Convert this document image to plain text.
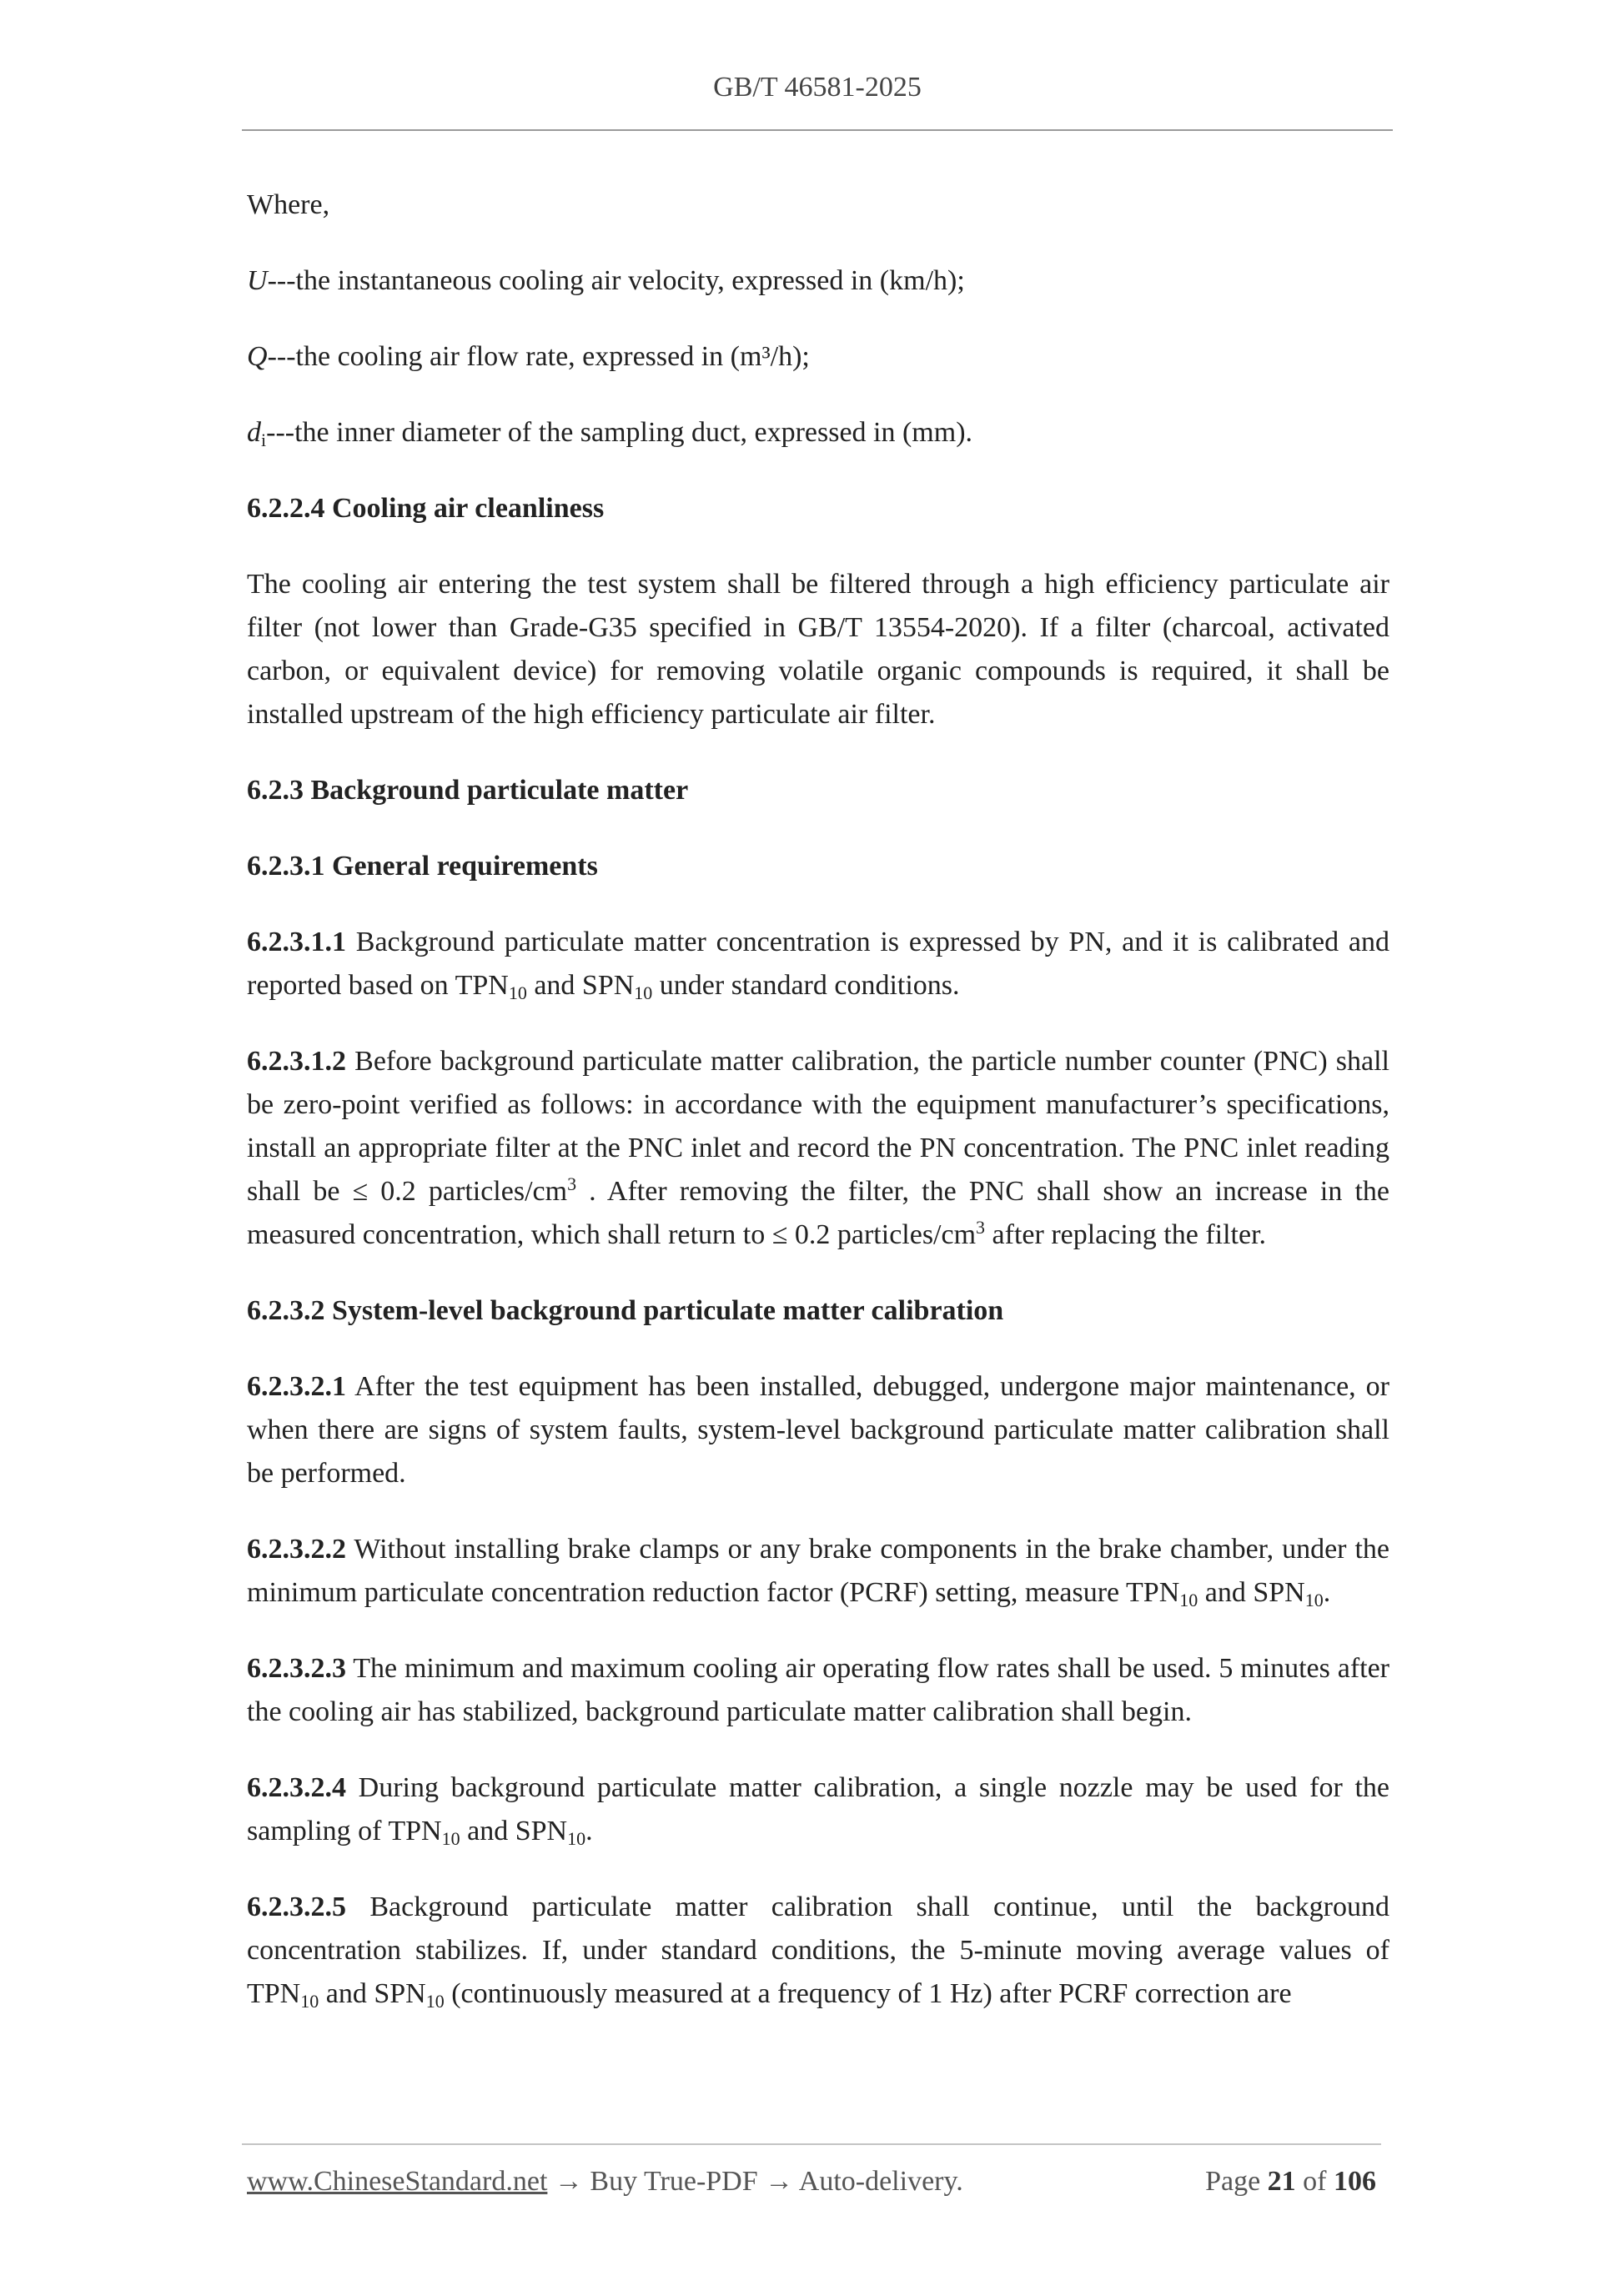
GB/T 46581-2025

Where,

U---the instantaneous cooling air velocity, expressed in (km/h);

Q---the cooling air flow rate, expressed in (m³/h);

$d_i--$-the inner diameter of the sampling duct, expressed in (mm).

6.2.2.4 Cooling air cleanliness

The cooling air entering the test system shall be filtered through a high efficiency particulate air filter (not lower than Grade-G35 specified in GB/T 13554-2020). If a filter (charcoal, activated carbon, or equivalent device) for removing volatile organic compounds is required, it shall be installed upstream of the high efficiency particulate air filter.

6.2.3 Background particulate matter

6.2.3.1 General requirements

6.2.3.1.1 Background particulate matter concentration is expressed by PN, and it is calibrated and reported based on $TPN_{10}$ and $SPN_{10}$ under standard conditions.

6.2.3.1.2 Before background particulate matter calibration, the particle number counter (PNC) shall be zero-point verified as follows: in accordance with the equipment manufacturer’s specifications, install an appropriate filter at the PNC inlet and record the PN concentration. The PNC inlet reading shall be ≤ 0.2 particles/$cm^3$ . After removing the filter, the PNC shall show an increase in the measured concentration, which shall return to ≤ 0.2 particles/$cm^3$ after replacing the filter.

6.2.3.2 System-level background particulate matter calibration

6.2.3.2.1 After the test equipment has been installed, debugged, undergone major maintenance, or when there are signs of system faults, system-level background particulate matter calibration shall be performed.

6.2.3.2.2 Without installing brake clamps or any brake components in the brake chamber, under the minimum particulate concentration reduction factor (PCRF) setting, measure $TPN_{10}$ and $SPN_{10}$.

6.2.3.2.3 The minimum and maximum cooling air operating flow rates shall be used. 5 minutes after the cooling air has stabilized, background particulate matter calibration shall begin.

6.2.3.2.4 During background particulate matter calibration, a single nozzle may be used for the sampling of $TPN_{10}$ and $SPN_{10}$.

6.2.3.2.5 Background particulate matter calibration shall continue, until the background concentration stabilizes. If, under standard conditions, the 5-minute moving average values of $TPN_{10}$ and $SPN_{10}$ (continuously measured at a frequency of 1 Hz) after PCRF correction are

www.ChineseStandard.net → Buy True-PDF → Auto-delivery.	Page 21 of 106
